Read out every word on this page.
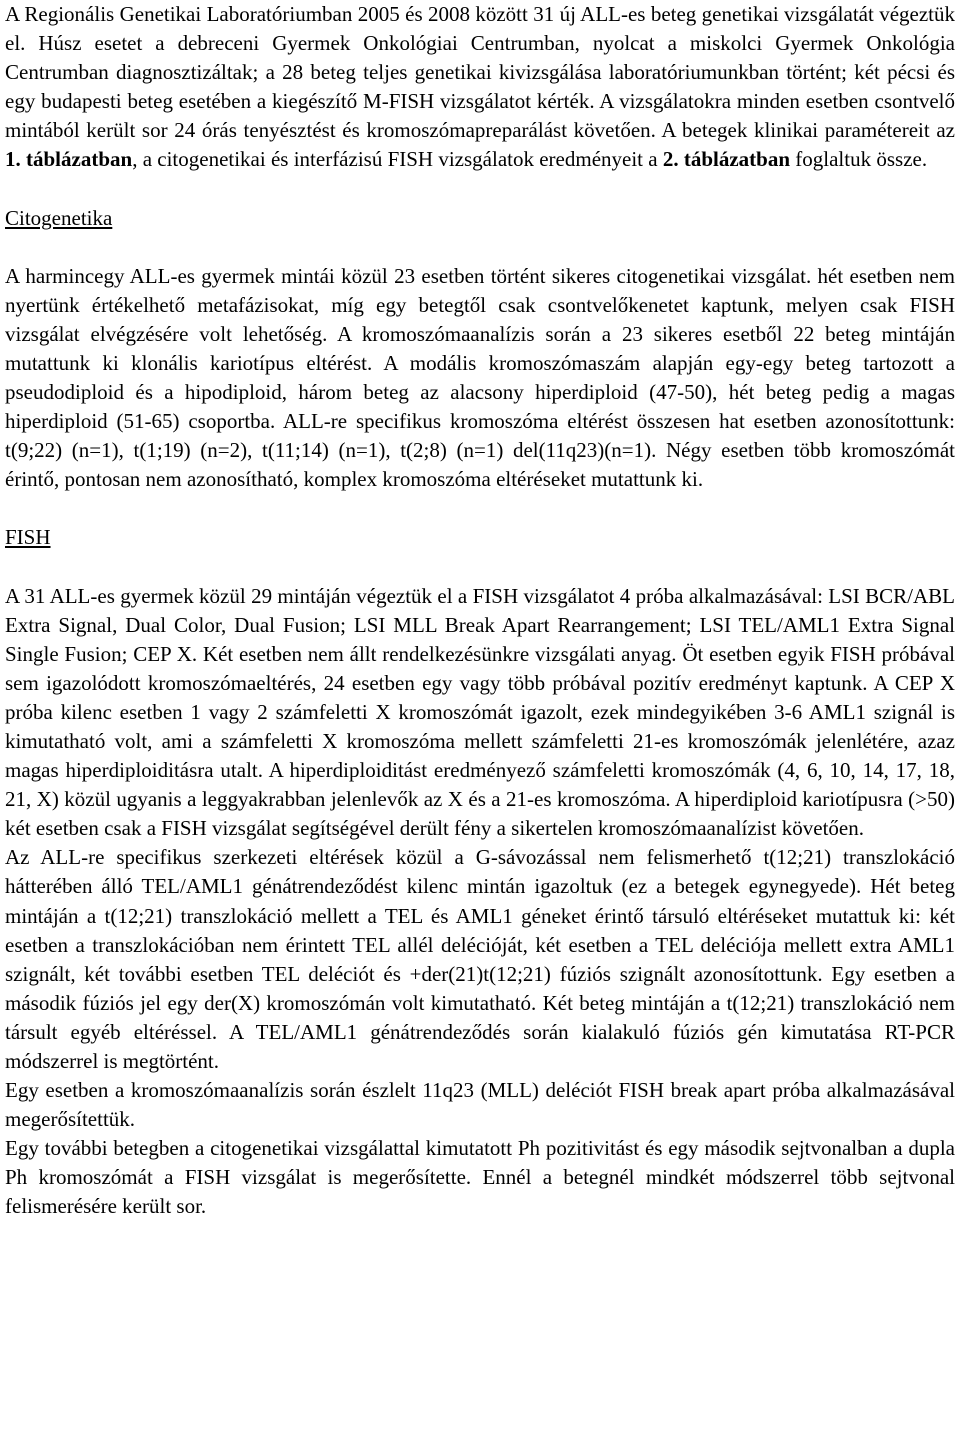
A Regionális Genetikai Laboratóriumban 2005 és 2008 között 31 új ALL-es beteg genetikai vizsgálatát végeztük el. Húsz esetet a debreceni Gyermek Onkológiai Centrumban, nyolcat a miskolci Gyermek Onkológia Centrumban diagnosztizáltak; a 28 beteg teljes genetikai kivizsgálása laboratóriumunkban történt; két pécsi és egy budapesti beteg esetében a kiegészítő M-FISH vizsgálatot kérték. A vizsgálatokra minden esetben csontvelő mintából került sor 24 órás tenyésztést és kromoszómapreparálást követően. A betegek klinikai paramétereit az 1. táblázatban, a citogenetikai és interfázisú FISH vizsgálatok eredményeit a 2. táblázatban foglaltuk össze.

Citogenetika

A harmincegy ALL-es gyermek mintái közül 23 esetben történt sikeres citogenetikai vizsgálat. hét esetben nem nyertünk értékelhető metafázisokat, míg egy betegtől csak csontvelőkenetet kaptunk, melyen csak FISH vizsgálat elvégzésére volt lehetőség. A kromoszómaanalízis során a 23 sikeres esetből 22 beteg mintáján mutattunk ki klonális kariotípus eltérést. A modális kromoszómaszám alapján egy-egy beteg tartozott a pseudodiploid és a hipodiploid, három beteg az alacsony hiperdiploid (47-50), hét beteg pedig a magas hiperdiploid (51-65) csoportba. ALL-re specifikus kromoszóma eltérést összesen hat esetben azonosítottunk: t(9;22) (n=1), t(1;19) (n=2), t(11;14) (n=1), t(2;8) (n=1) del(11q23)(n=1). Négy esetben több kromoszómát érintő, pontosan nem azonosítható, komplex kromoszóma eltéréseket mutattunk ki.

FISH

A 31 ALL-es gyermek közül 29 mintáján végeztük el a FISH vizsgálatot 4 próba alkalmazásával: LSI BCR/ABL Extra Signal, Dual Color, Dual Fusion; LSI MLL Break Apart Rearrangement; LSI TEL/AML1 Extra Signal Single Fusion; CEP X. Két esetben nem állt rendelkezésünkre vizsgálati anyag. Öt esetben egyik FISH próbával sem igazolódott kromoszómaeltérés, 24 esetben egy vagy több próbával pozitív eredményt kaptunk. A CEP X próba kilenc esetben 1 vagy 2 számfeletti X kromoszómát igazolt, ezek mindegyikében 3-6 AML1 szignál is kimutatható volt, ami a számfeletti X kromoszóma mellett számfeletti 21-es kromoszómák jelenlétére, azaz magas hiperdiploiditásra utalt. A hiperdiploiditást eredményező számfeletti kromoszómák (4, 6, 10, 14, 17, 18, 21, X) közül ugyanis a leggyakrabban jelenlevők az X és a 21-es kromoszóma. A hiperdiploid kariotípusra (>50) két esetben csak a FISH vizsgálat segítségével derült fény a sikertelen kromoszómaanalízist követően.

Az ALL-re specifikus szerkezeti eltérések közül a G-sávozással nem felismerhető t(12;21) transzlokáció hátterében álló TEL/AML1 génátrendeződést kilenc mintán igazoltuk (ez a betegek egynegyede). Hét beteg mintáján a t(12;21) transzlokáció mellett a TEL és AML1 géneket érintő társuló eltéréseket mutattuk ki: két esetben a transzlokációban nem érintett TEL allél delécióját, két esetben a TEL deléciója mellett extra AML1 szignált, két további esetben TEL deléciót és +der(21)t(12;21) fúziós szignált azonosítottunk. Egy esetben a második fúziós jel egy der(X) kromoszómán volt kimutatható. Két beteg mintáján a t(12;21) transzlokáció nem társult egyéb eltéréssel. A TEL/AML1 génátrendeződés során kialakuló fúziós gén kimutatása RT-PCR módszerrel is megtörtént.

Egy esetben a kromoszómaanalízis során észlelt 11q23 (MLL) deléciót FISH break apart próba alkalmazásával megerősítettük.

Egy további betegben a citogenetikai vizsgálattal kimutatott Ph pozitivitást és egy második sejtvonalban a dupla Ph kromoszómát a FISH vizsgálat is megerősítette. Ennél a betegnél mindkét módszerrel több sejtvonal felismerésére került sor.
